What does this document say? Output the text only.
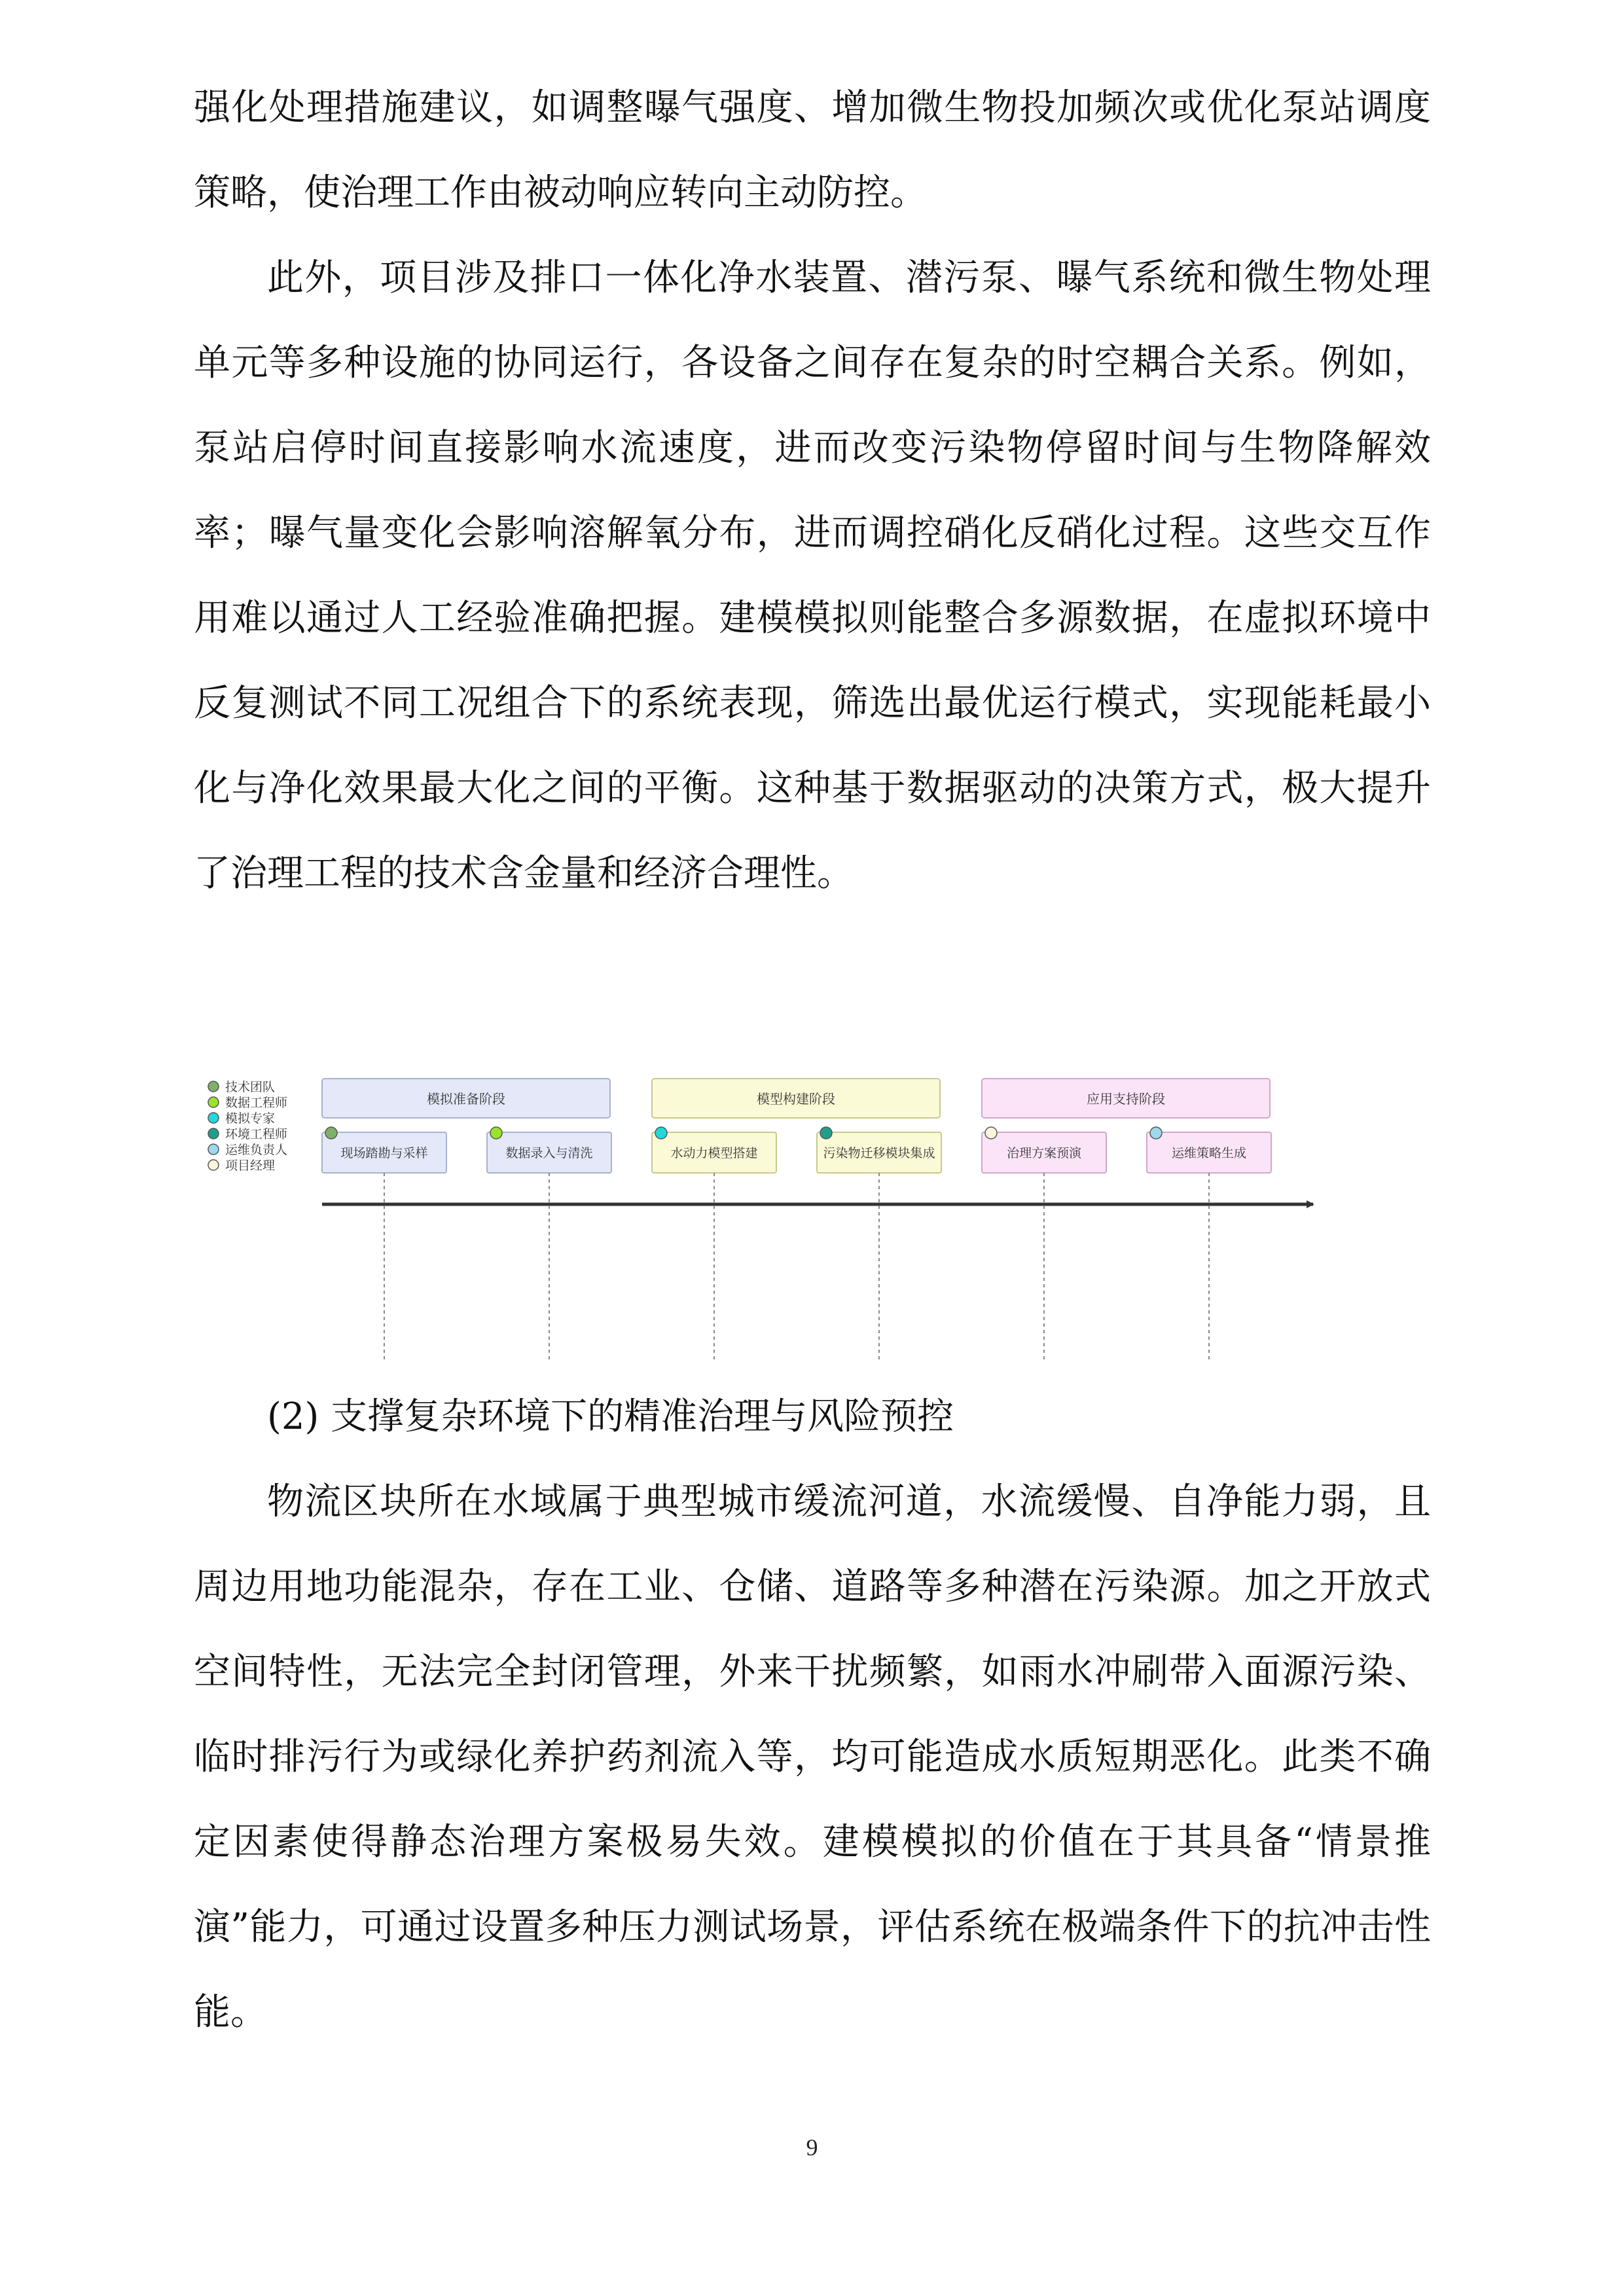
强化处理措施建议，如调整曝气强度、增加微生物投加频次或优化泵站调度策略，使治理工作由被动响应转向主动防控。

此外，项目涉及排口一体化净水装置、潜污泵、曝气系统和微生物处理单元等多种设施的协同运行，各设备之间存在复杂的时空耦合关系。例如，泵站启停时间直接影响水流速度，进而改变污染物停留时间与生物降解效率；曝气量变化会影响溶解氧分布，进而调控硝化反硝化过程。这些交互作用难以通过人工经验准确把握。建模模拟则能整合多源数据，在虚拟环境中反复测试不同工况组合下的系统表现，筛选出最优运行模式，实现能耗最小化与净化效果最大化之间的平衡。这种基于数据驱动的决策方式，极大提升了治理工程的技术含金量和经济合理性。

技术团队
数据工程师
模拟专家
环境工程师
运维负责人
项目经理
模拟准备阶段	模型构建阶段	应用支持阶段
现场踏勘与采样	数据录入与清洗	水动力模型搭建	污染物迁移模块集成	治理方案预演	运维策略生成

(2) 支撑复杂环境下的精准治理与风险预控

物流区块所在水域属于典型城市缓流河道，水流缓慢、自净能力弱，且周边用地功能混杂，存在工业、仓储、道路等多种潜在污染源。加之开放式空间特性，无法完全封闭管理，外来干扰频繁，如雨水冲刷带入面源污染、临时排污行为或绿化养护药剂流入等，均可能造成水质短期恶化。此类不确定因素使得静态治理方案极易失效。建模模拟的价值在于其具备“情景推演”能力，可通过设置多种压力测试场景，评估系统在极端条件下的抗冲击性能。

9
